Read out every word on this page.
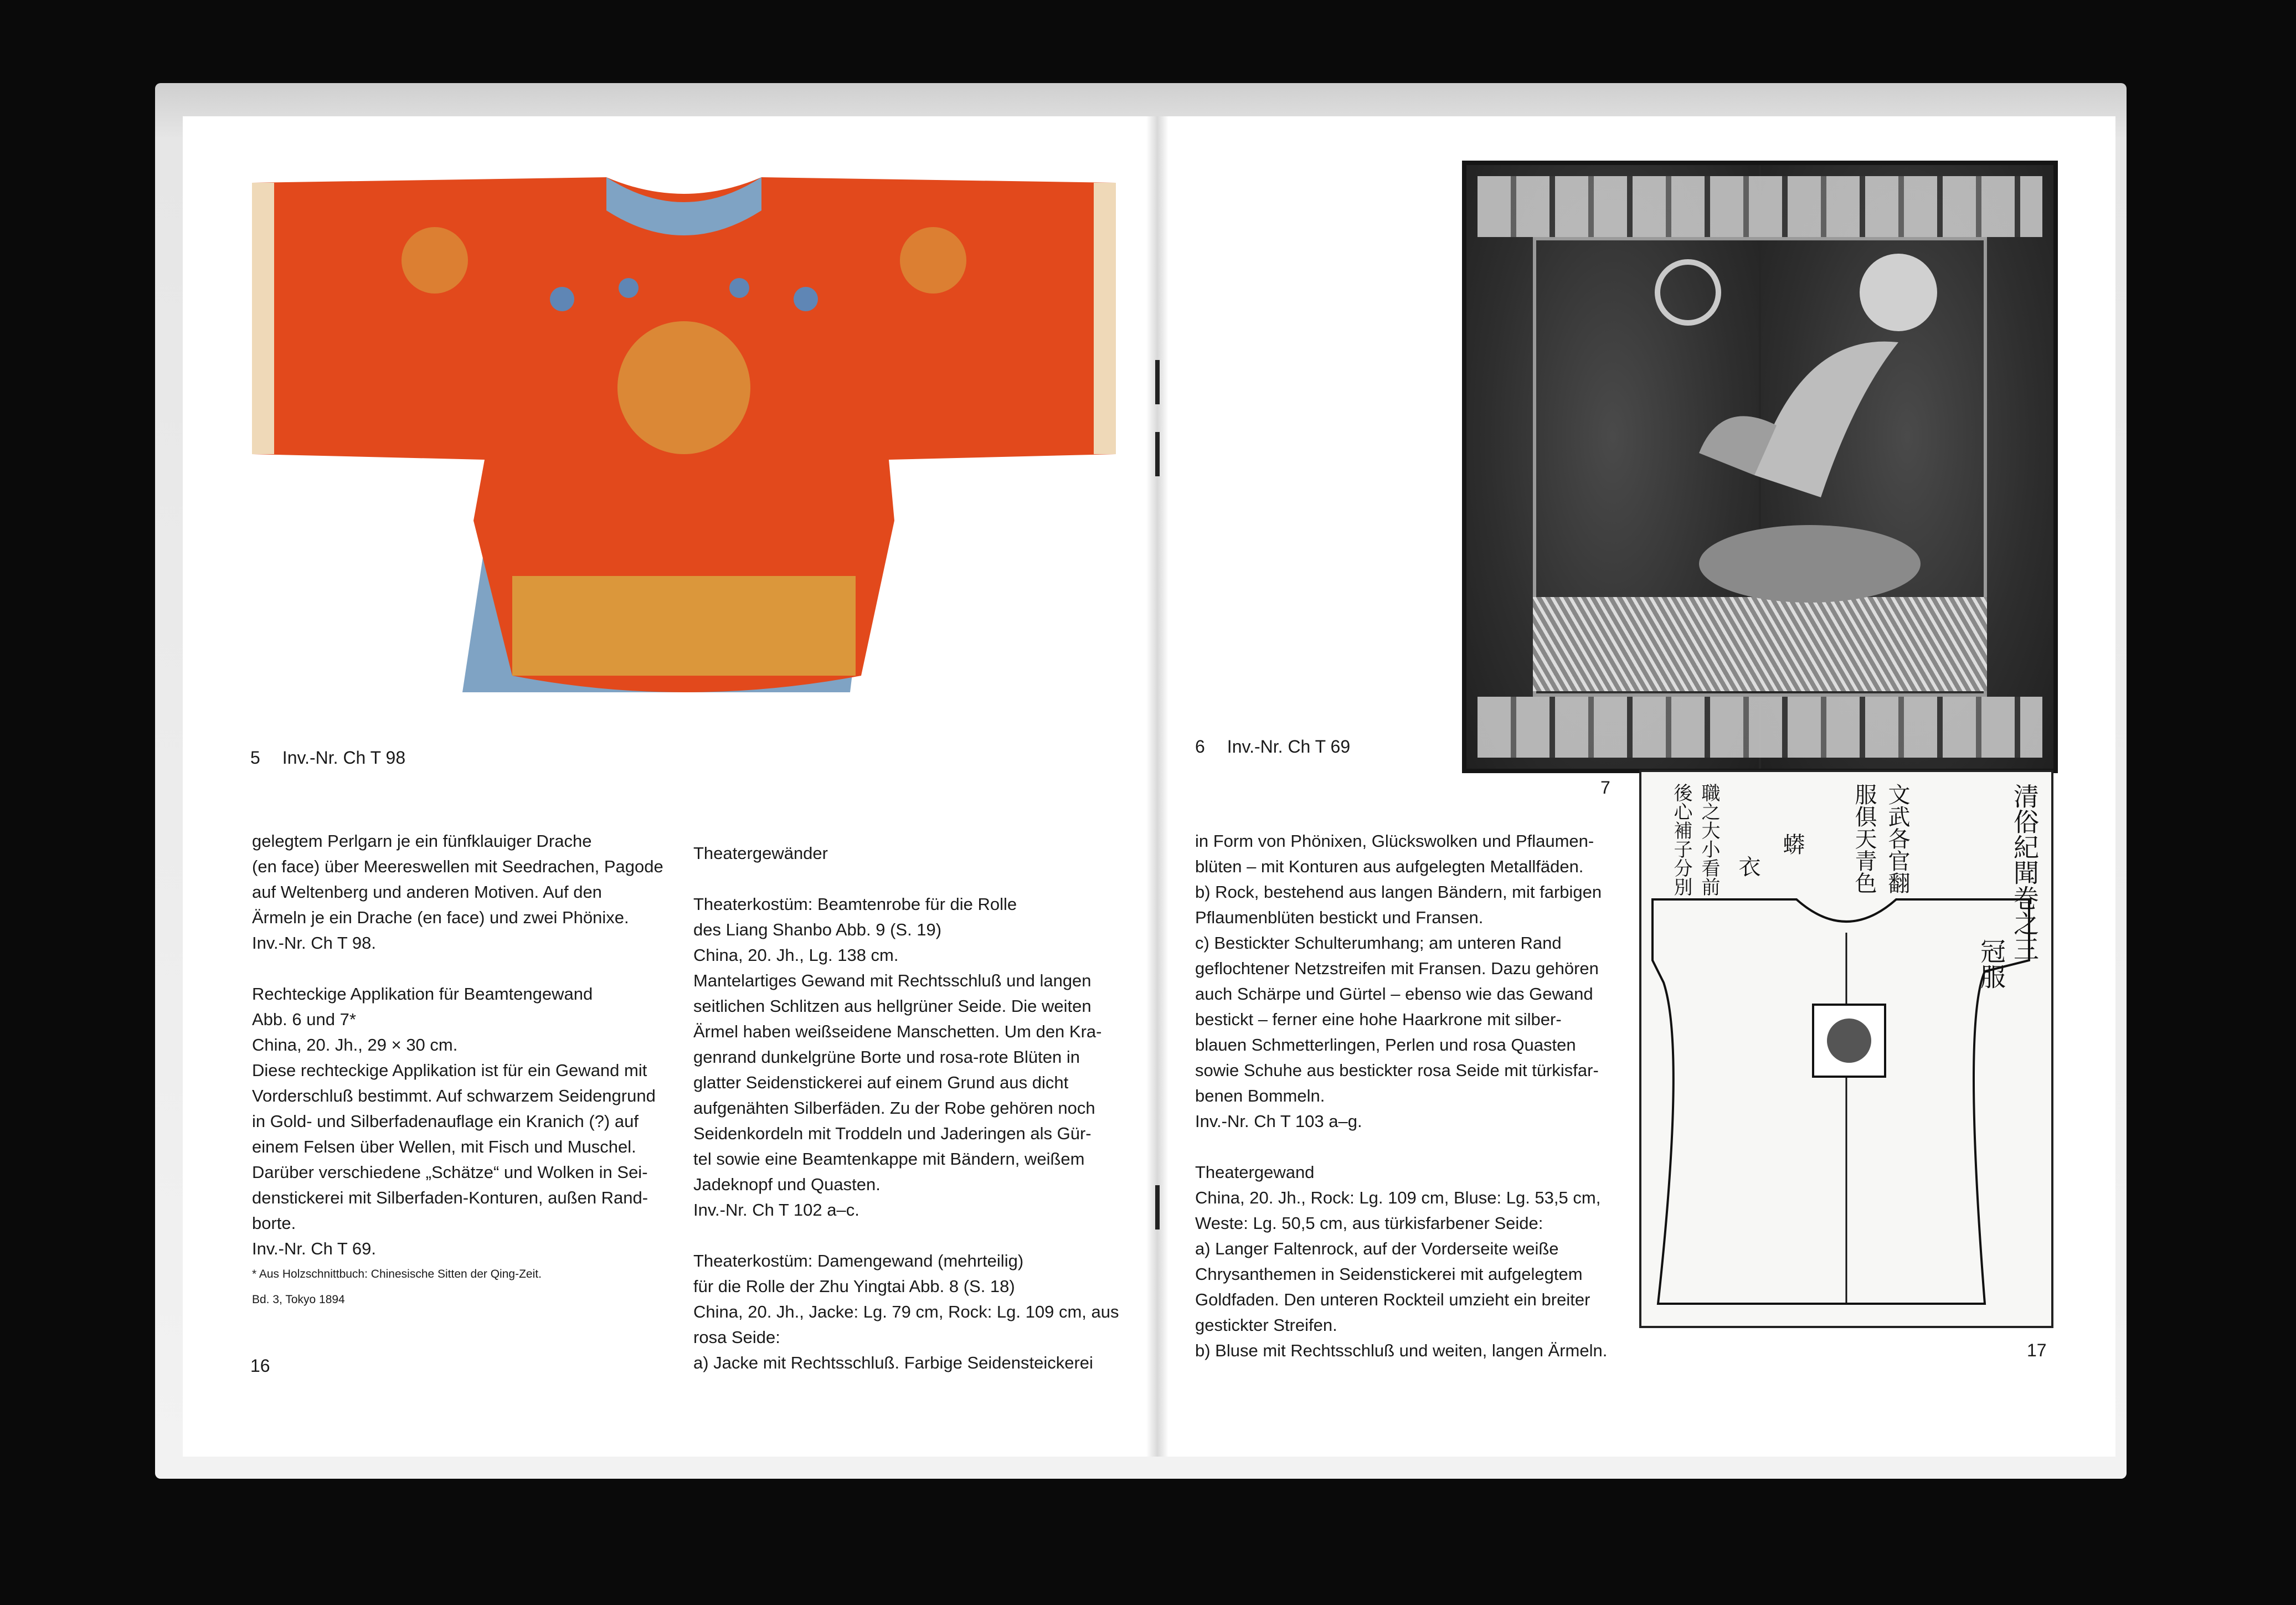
清俗紀聞巻之三
冠服
文武各官翻
服俱天青色
蟒
衣
職之大小看前
後心補子分別
5 Inv.-Nr. Ch T 98
6 Inv.-Nr. Ch T 69
7

gelegtem Perlgarn je ein fünfklauiger Drache
(en face) über Meereswellen mit Seedrachen, Pagode
auf Weltenberg und anderen Motiven. Auf den
Ärmeln je ein Drache (en face) und zwei Phönixe.
Inv.-Nr. Ch T 98.

Rechteckige Applikation für Beamtengewand
Abb. 6 und 7*
China, 20. Jh., 29 × 30 cm.
Diese rechteckige Applikation ist für ein Gewand mit
Vorderschluß bestimmt. Auf schwarzem Seidengrund
in Gold- und Silberfadenauflage ein Kranich (?) auf
einem Felsen über Wellen, mit Fisch und Muschel.
Darüber verschiedene „Schätze“ und Wolken in Sei-
denstickerei mit Silberfaden-Konturen, außen Rand-
borte.
Inv.-Nr. Ch T 69.

* Aus Holzschnittbuch: Chinesische Sitten der Qing-Zeit.
Bd. 3, Tokyo 1894

Theatergewänder

Theaterkostüm: Beamtenrobe für die Rolle
des Liang Shanbo Abb. 9 (S. 19)
China, 20. Jh., Lg. 138 cm.
Mantelartiges Gewand mit Rechtsschluß und langen
seitlichen Schlitzen aus hellgrüner Seide. Die weiten
Ärmel haben weißseidene Manschetten. Um den Kra-
genrand dunkelgrüne Borte und rosa-rote Blüten in
glatter Seidenstickerei auf einem Grund aus dicht
aufgenähten Silberfäden. Zu der Robe gehören noch
Seidenkordeln mit Troddeln und Jaderingen als Gür-
tel sowie eine Beamtenkappe mit Bändern, weißem
Jadeknopf und Quasten.
Inv.-Nr. Ch T 102 a–c.

Theaterkostüm: Damengewand (mehrteilig)
für die Rolle der Zhu Yingtai Abb. 8 (S. 18)
China, 20. Jh., Jacke: Lg. 79 cm, Rock: Lg. 109 cm, aus
rosa Seide:
a) Jacke mit Rechtsschluß. Farbige Seidensteickerei

in Form von Phönixen, Glückswolken und Pflaumen-
blüten – mit Konturen aus aufgelegten Metallfäden.
b) Rock, bestehend aus langen Bändern, mit farbigen
Pflaumenblüten bestickt und Fransen.
c) Bestickter Schulterumhang; am unteren Rand
geflochtener Netzstreifen mit Fransen. Dazu gehören
auch Schärpe und Gürtel – ebenso wie das Gewand
bestickt – ferner eine hohe Haarkrone mit silber-
blauen Schmetterlingen, Perlen und rosa Quasten
sowie Schuhe aus bestickter rosa Seide mit türkisfar-
benen Bommeln.
Inv.-Nr. Ch T 103 a–g.

Theatergewand
China, 20. Jh., Rock: Lg. 109 cm, Bluse: Lg. 53,5 cm,
Weste: Lg. 50,5 cm, aus türkisfarbener Seide:
a) Langer Faltenrock, auf der Vorderseite weiße
Chrysanthemen in Seidenstickerei mit aufgelegtem
Goldfaden. Den unteren Rockteil umzieht ein breiter
gestickter Streifen.
b) Bluse mit Rechtsschluß und weiten, langen Ärmeln.

16
17
